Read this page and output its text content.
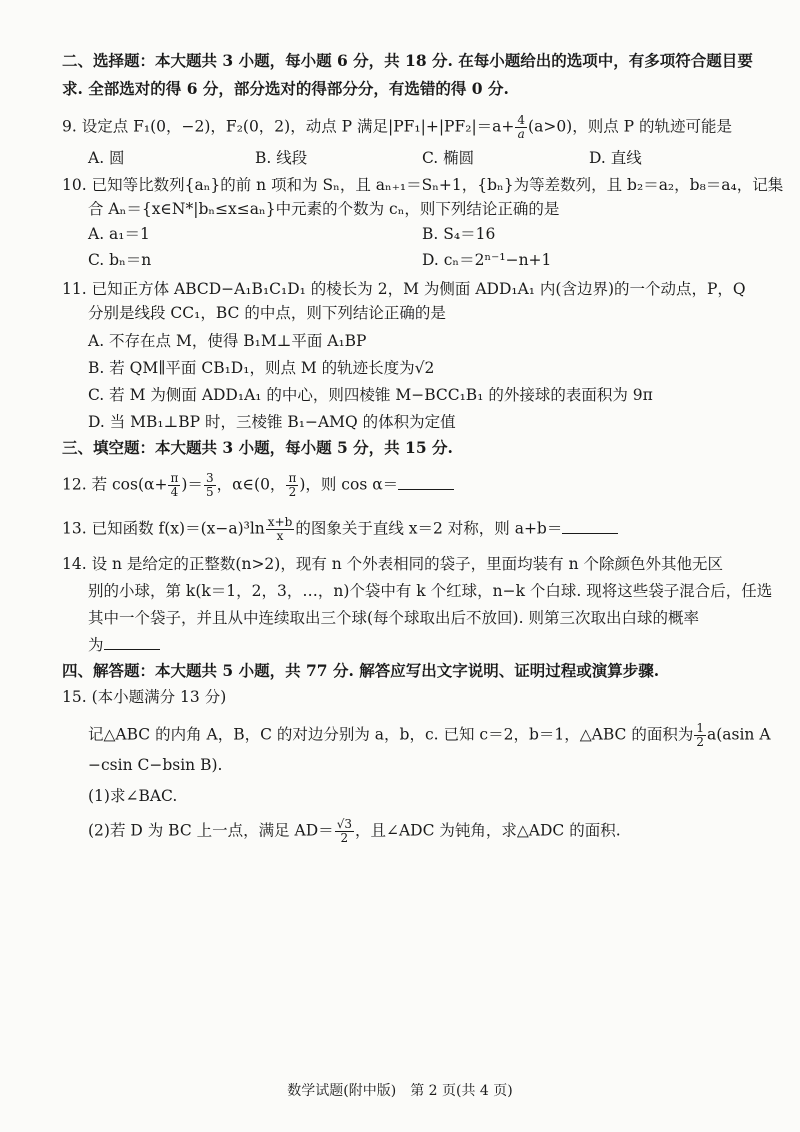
二、选择题：本大题共 3 小题，每小题 6 分，共 18 分. 在每小题给出的选项中，有多项符合题目要
求. 全部选对的得 6 分，部分选对的得部分分，有选错的得 0 分.
9. 设定点 F₁(0，−2)，F₂(0，2)，动点 P 满足$|PF_1|+|PF_2|=a+ \frac{4}{a} (a>0)$，则点 P 的轨迹可能是
A. 圆	B. 线段	C. 椭圆	D. 直线
10. 已知等比数列{aₙ}的前 n 项和为 Sₙ，且 aₙ₊₁＝Sₙ+1，{bₙ}为等差数列，且 b₂＝a₂，b₈＝a₄，记集
合 Aₙ＝{x∈N*|bₙ≤x≤aₙ}中元素的个数为 cₙ，则下列结论正确的是
A. a₁＝1	B. S₄＝16
C. bₙ＝n	D. cₙ＝2ⁿ⁻¹−n+1
11. 已知正方体 ABCD−A₁B₁C₁D₁ 的棱长为 2，M 为侧面 ADD₁A₁ 内(含边界)的一个动点，P，Q
分别是线段 CC₁，BC 的中点，则下列结论正确的是
A. 不存在点 M，使得 B₁M⊥平面 A₁BP
B. 若 QM∥平面 CB₁D₁，则点 M 的轨迹长度为√2
C. 若 M 为侧面 ADD₁A₁ 的中心，则四棱锥 M−BCC₁B₁ 的外接球的表面积为 9π
D. 当 MB₁⊥BP 时，三棱锥 B₁−AMQ 的体积为定值
三、填空题：本大题共 3 小题，每小题 5 分，共 15 分.
12. 若 $\cos(\alpha+ \frac{\pi}{4}$ )＝ $\frac{3}{5}$ ，α∈(0， $\frac{\pi}{2}$ )，则 cos α＝
13. 已知函数 $f(x)=(x-a)^3\ln \frac{x+b}{x}$ 的图象关于直线 x＝2 对称，则 a+b＝
14. 设 n 是给定的正整数(n>2)，现有 n 个外表相同的袋子，里面均装有 n 个除颜色外其他无区
别的小球，第 k(k＝1，2，3，…，n)个袋中有 k 个红球，n−k 个白球. 现将这些袋子混合后，任选
其中一个袋子，并且从中连续取出三个球(每个球取出后不放回). 则第三次取出白球的概率
为
四、解答题：本大题共 5 小题，共 77 分. 解答应写出文字说明、证明过程或演算步骤.
15. (本小题满分 13 分)
记△ABC 的内角 A，B，C 的对边分别为 a，b，c. 已知 c＝2，b＝1，△ABC 的面积为 $\frac{1}{2} a(asin$ A
−csin C−bsin B).
(1)求∠BAC.
(2)若 D 为 BC 上一点，满足 $AD= \frac{√3}{2}$ ，且∠ADC 为钝角，求△ADC 的面积.
数学试题(附中版)　第 2 页(共 4 页)
